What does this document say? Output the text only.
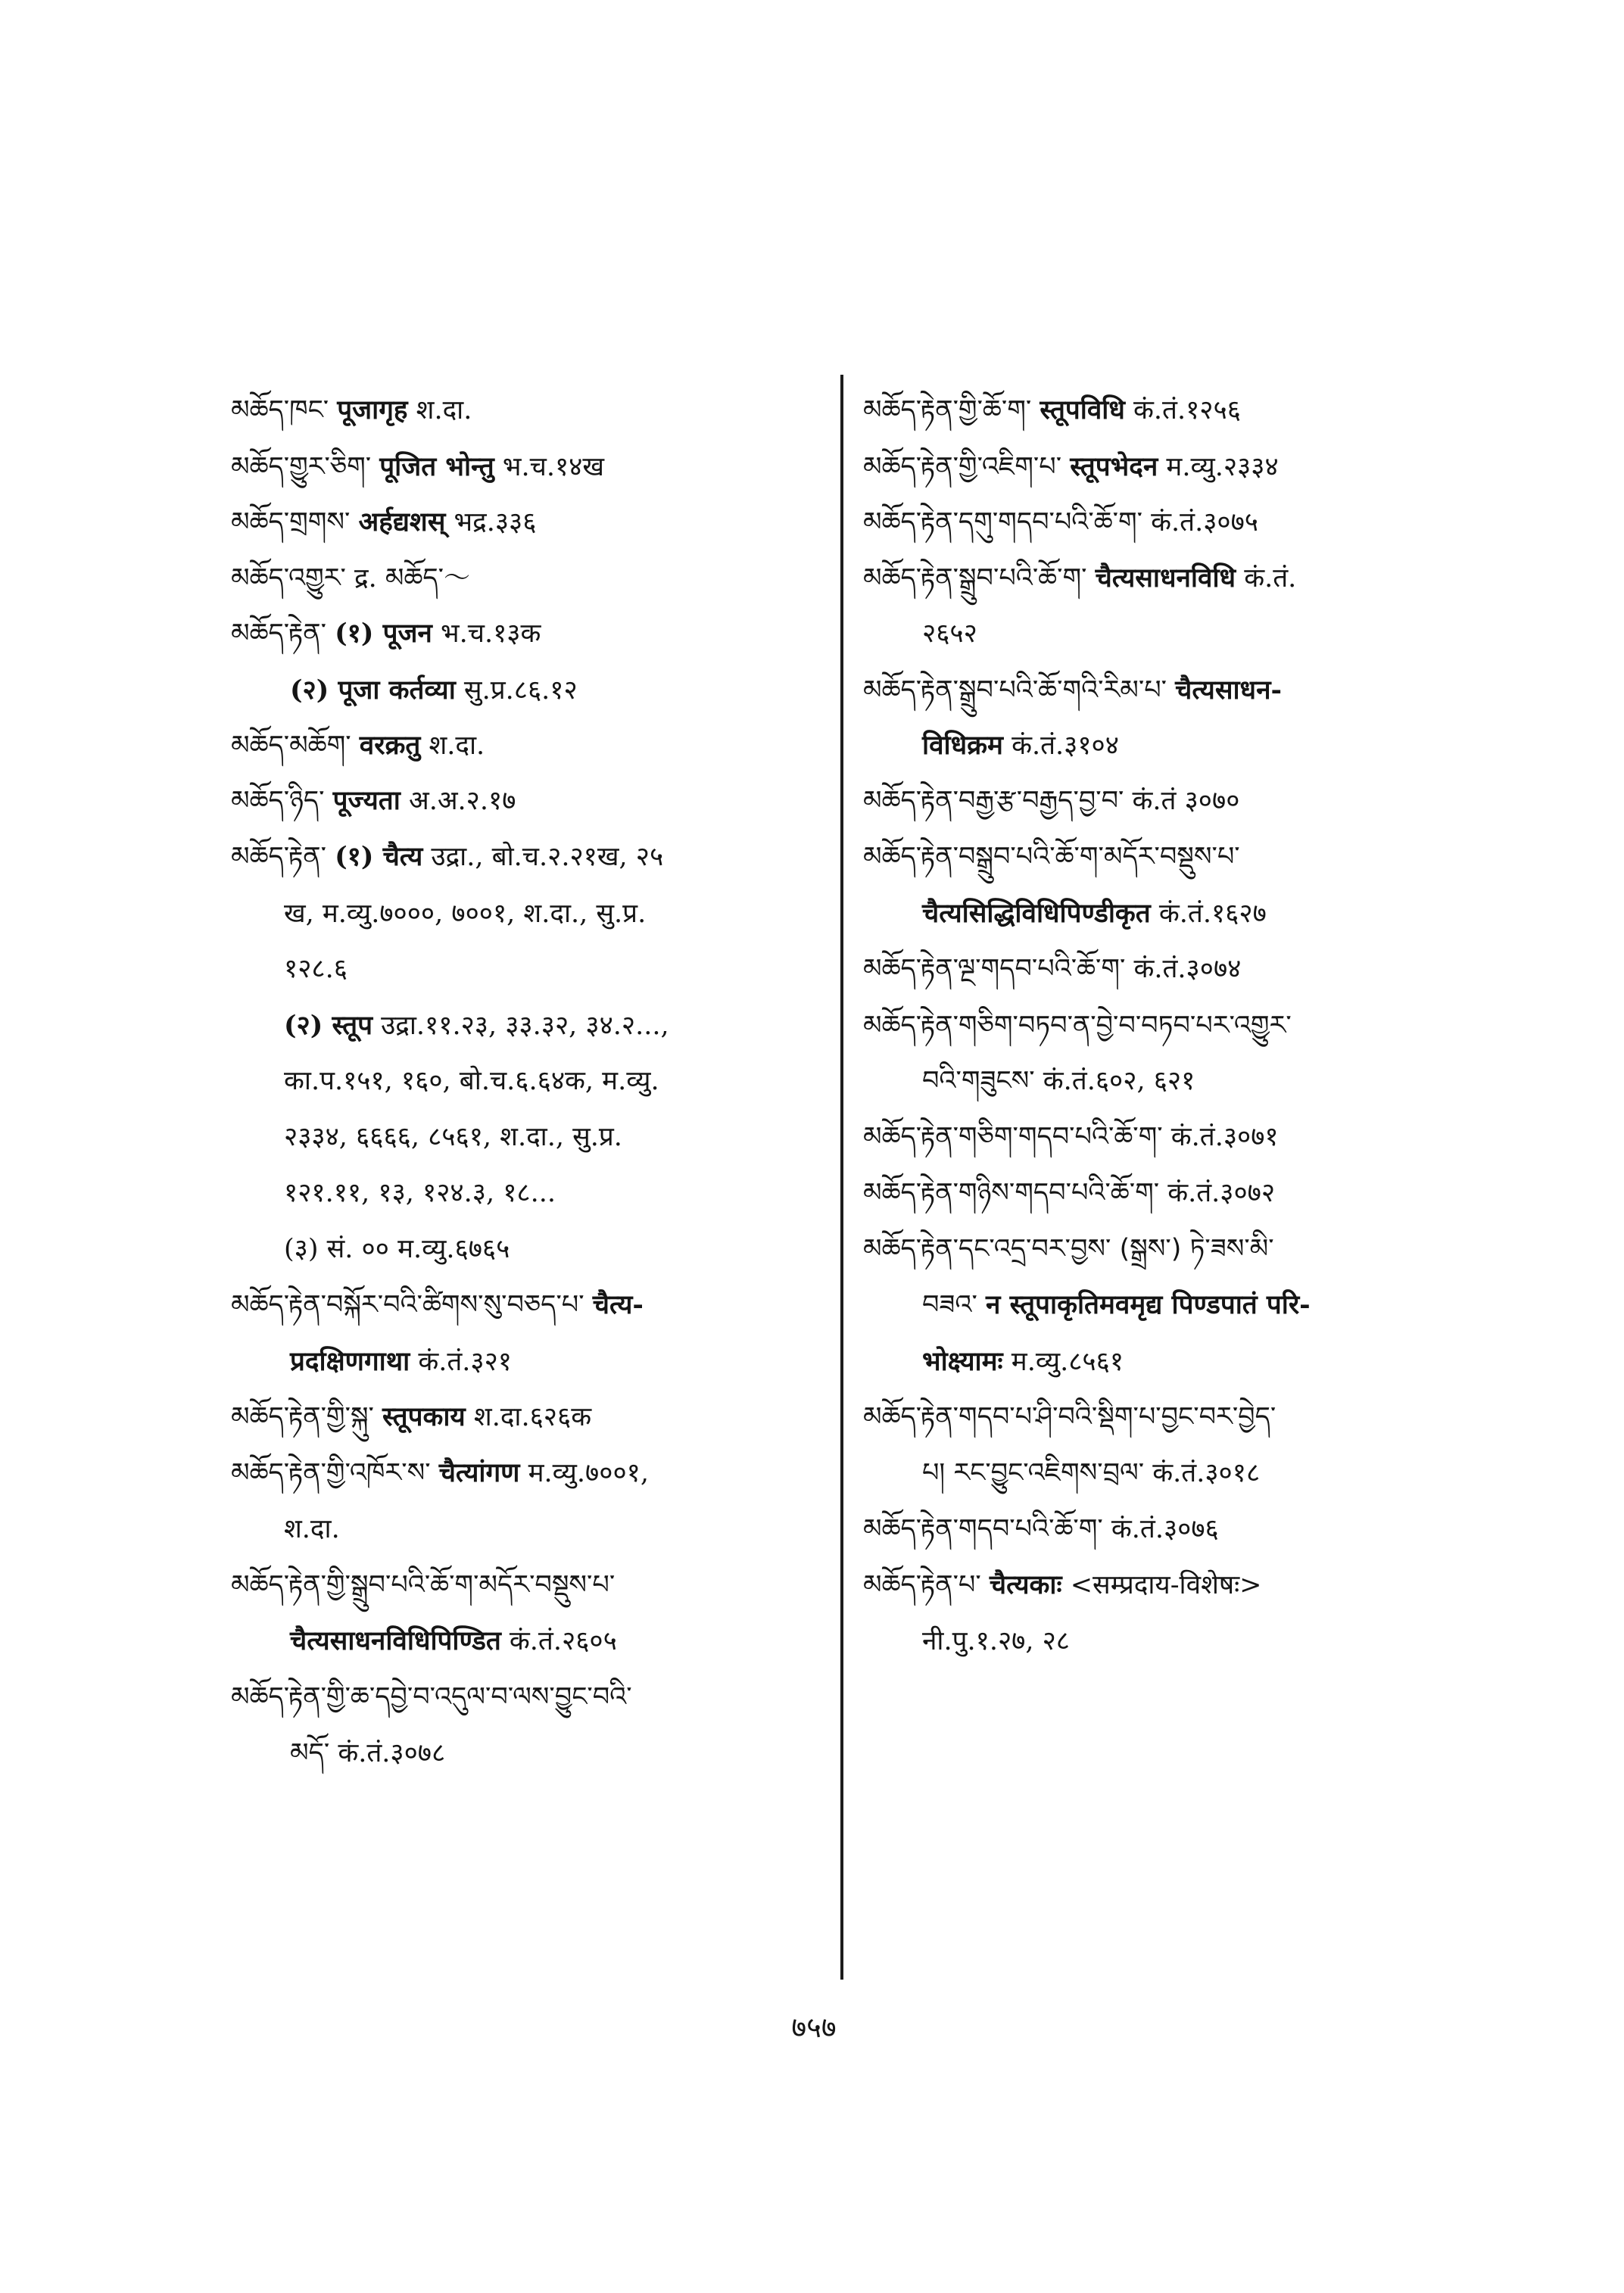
མཆོད་ཁང་ पूजागृह श.दा.
མཆོད་གྱུར་ཅིག་ पूजित भोन्तु भ.च.१४ख
མཆོད་གྲགས་ अर्हद्यशस् भद्र.३३६
མཆོད་འགྱུར་ द्र. མཆོད་〜
མཆོད་རྟེན་ (१) पूजन भ.च.१३क
(२) पूजा कर्तव्या सु.प्र.८६.१२
མཆོད་མཆོག་ वरक्रतु श.दा.
མཆོད་ཉིད་ पूज्यता अ.अ.२.१७
མཆོད་རྟེན་ (१) चैत्य उद्रा., बो.च.२.२१ख, २५
ख, म.व्यु.७०००, ७००१, श.दा., सु.प्र.
१२८.६
(२) स्तूप उद्रा.११.२३, ३३.३२, ३४.२...,
का.प.१५१, १६०, बो.च.६.६४क, म.व्यु.
२३३४, ६६६६, ८५६१, श.दा., सु.प्र.
१२१.११, १३, १२४.३, १८...
(३) सं. ०० म.व्यु.६७६५
མཆོད་རྟེན་བསྐོར་བའི་ཚིགས་སུ་བཅད་པ་ चैत्य-
प्रदक्षिणगाथा कं.तं.३२१
མཆོད་རྟེན་གྱི་སྐུ་ स्तूपकाय श.दा.६२६क
མཆོད་རྟེན་གྱི་འཁོར་ས་ चैत्यांगण म.व्यु.७००१,
श.दा.
མཆོད་རྟེན་གྱི་སྒྲུབ་པའི་ཆོ་ག་མདོར་བསྡུས་པ་
चैत्यसाधनविधिपिण्डित कं.तं.२६०५
མཆོད་རྟེན་གྱི་ཆ་དབྱེ་བ་འདུལ་བ་ལས་བྱུང་བའི་
མདོ་ कं.तं.३०७८
མཆོད་རྟེན་གྱི་ཆོ་ག་ स्तूपविधि कं.तं.१२५६
མཆོད་རྟེན་གྱི་འཇིག་པ་ स्तूपभेदन म.व्यु.२३३४
མཆོད་རྟེན་དགུ་གདབ་པའི་ཆོ་ག་ कं.तं.३०७५
མཆོད་རྟེན་སྒྲུབ་པའི་ཆོ་ག་ चैत्यसाधनविधि कं.तं.
२६५२
མཆོད་རྟེན་སྒྲུབ་པའི་ཆོ་གའི་རིམ་པ་ चैत्यसाधन-
विधिक्रम कं.तं.३१०४
མཆོད་རྟེན་བརྒྱ་རྩ་བརྒྱད་བྱ་བ་ कं.तं ३०७०
མཆོད་རྟེན་བསྒྲུབ་པའི་ཆོ་ག་མདོར་བསྡུས་པ་
चैत्यसिद्धिविधिपिण्डीकृत कं.तं.१६२७
མཆོད་རྟེན་ལྔ་གདབ་པའི་ཆོ་ག་ कं.तं.३०७४
མཆོད་རྟེན་གཅིག་བཏབ་ན་བྱེ་བ་བཏབ་པར་འགྱུར་
བའི་གཟུངས་ कं.तं.६०२, ६२१
མཆོད་རྟེན་གཅིག་གདབ་པའི་ཆོ་ག་ कं.तं.३०७१
མཆོད་རྟེན་གཉིས་གདབ་པའི་ཆོ་ག་ कं.तं.३०७२
མཆོད་རྟེན་དང་འདྲ་བར་བྱས་ (སྒྲས་) ཏེ་ཟས་མི་
བཟའ་ न स्तूपाकृतिमवमृद्य पिण्डपातं परि-
भोक्ष्यामः म.व्यु.८५६१
མཆོད་རྟེན་གདབ་པ་ཤི་བའི་སྡིག་པ་བྱང་བར་བྱེད་
པ། རང་བྱུང་འཇིགས་བྲལ་ कं.तं.३०१८
མཆོད་རྟེན་གདབ་པའི་ཆོ་ག་ कं.तं.३०७६
མཆོད་རྟེན་པ་ चैत्यकाः <सम्प्रदाय-विशेषः>
नी.पु.१.२७, २८
७५७
